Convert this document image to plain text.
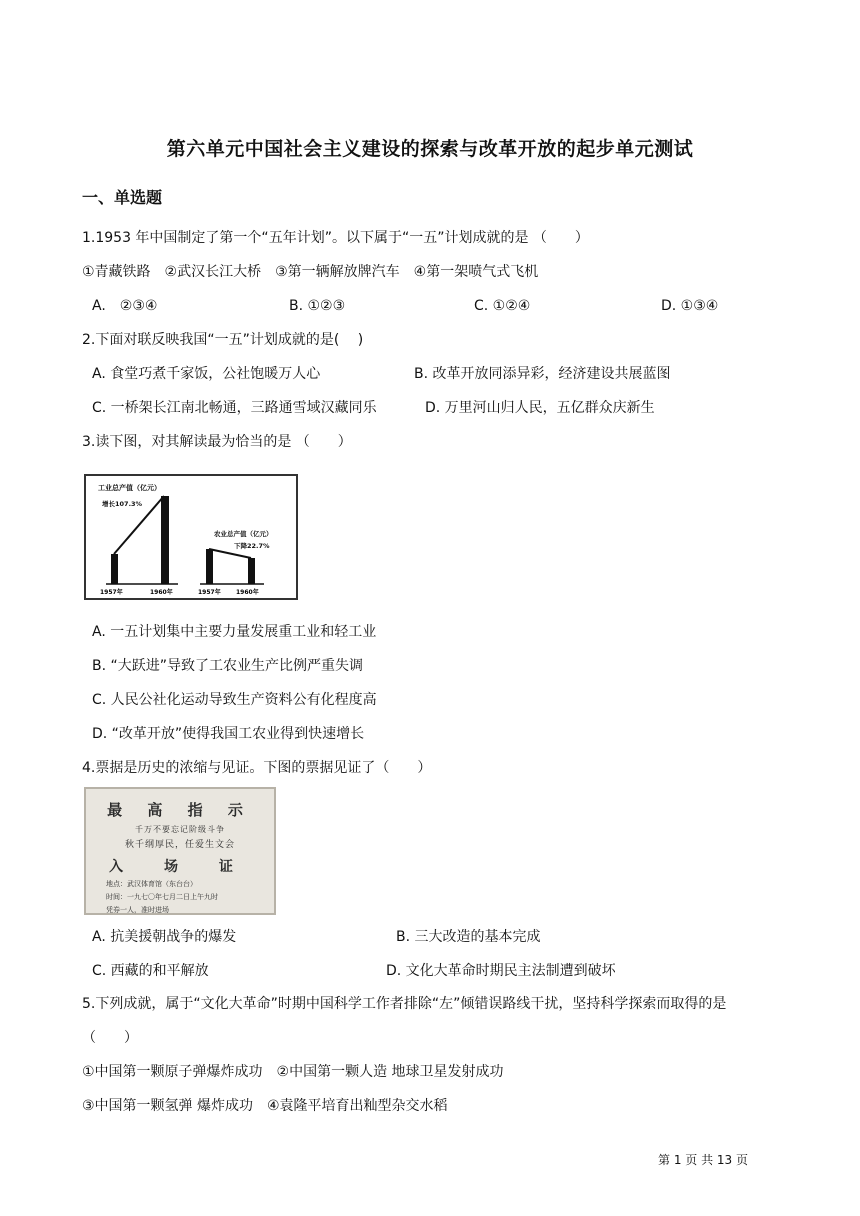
第六单元中国社会主义建设的探索与改革开放的起步单元测试
一、单选题
1.1953 年中国制定了第一个“五年计划”。以下属于“一五”计划成就的是 （　　）
①青藏铁路　②武汉长江大桥　③第一辆解放牌汽车　④第一架喷气式飞机
A.　②③④	B. ①②③	C. ①②④	D. ①③④
2.下面对联反映我国“一五”计划成就的是(　 )
A. 食堂巧煮千家饭，公社饱暖万人心	B. 改革开放同添异彩，经济建设共展蓝图
C. 一桥架长江南北畅通，三路通雪域汉藏同乐	D. 万里河山归人民，五亿群众庆新生
3.读下图，对其解读最为恰当的是 （　　）
工业总产值（亿元）
增长107.3%
1957年	1960年
农业总产值（亿元）
下降22.7%
1957年	1960年
A. 一五计划集中主要力量发展重工业和轻工业
B. “大跃进”导致了工农业生产比例严重失调
C. 人民公社化运动导致生产资料公有化程度高
D. “改革开放”使得我国工农业得到快速增长
4.票据是历史的浓缩与见证。下图的票据见证了（　　）
最 高 指 示
千万不要忘记阶级斗争
秋千纲厚民，任爱生文会
入 场 证
地点：武汉体育馆（东台台）
时间：一九七〇年七月二日上午九时
凭券一人，准时进场
A. 抗美援朝战争的爆发	B. 三大改造的基本完成
C. 西藏的和平解放	D. 文化大革命时期民主法制遭到破坏
5.下列成就，属于“文化大革命”时期中国科学工作者排除“左”倾错误路线干扰，坚持科学探索而取得的是
（　　）
①中国第一颗原子弹爆炸成功　②中国第一颗人造 地球卫星发射成功
③中国第一颗氢弹 爆炸成功　④袁隆平培育出籼型杂交水稻
第 1 页 共 13 页
